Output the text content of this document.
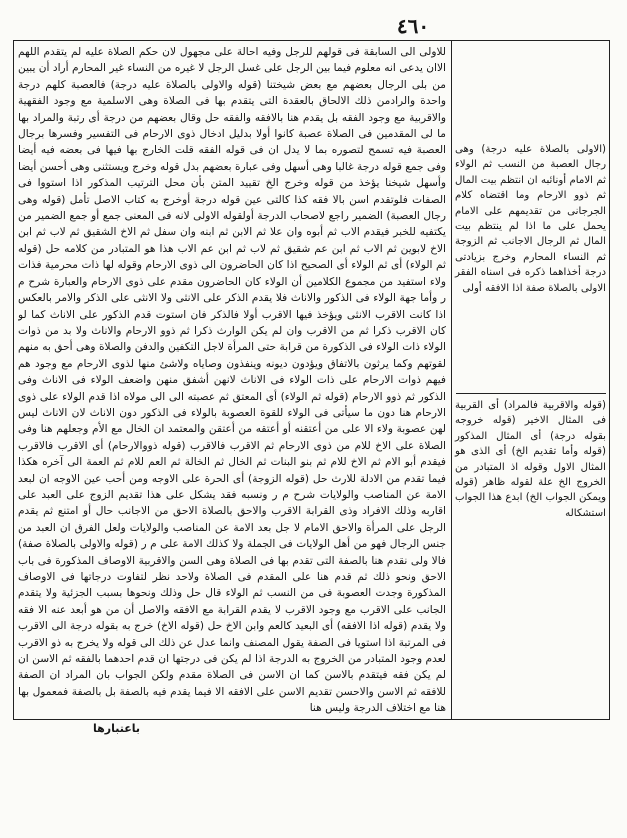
٤٦٠

للاولى الى السابقة فى قولهم للرجل وفيه احالة على مجهول لان حكم الصلاة عليه لم يتقدم اللهم الاان يدعى انه معلوم فيما بين الرجل على غسل الرجل لا غيره من النساء غير المحارم أراد أن يبين من بلى الرجال بعضهم مع بعض شيختنا (قوله والاولى بالصلاة عليه درجة) فالعصبة كلهم درجة واحدة والرادمن ذلك الالحاق بالعقدة التى يتقدم بها فى الصلاة وهى الاسلمية مع وجود الفقهية والاقربية مع وجود الفقه بل يقدم هنا بالافقه والفقه حل وقال بعضهم من درجة أى رتبة والمراد بها ما لى المقدمين فى الصلاة عصبة كانوا أولا بدليل ادخال ذوى الارحام فى التفسير وفسرها برجال العصبة فيه تسمح لتصوره بما لا يدل ان فى قوله الفقه قلت الخارج بها فيها فى بعضه فيه أيضا وفى جمع قوله درجة غالبا وهى أسهل وفى عبارة بعضهم بدل قوله وخرج ويستثنى وهى أحسن أيضا وأسهل شيخنا يؤخذ من قوله وخرج الخ تقييد المتن بأن محل الترتيب المذكور اذا استووا فى الصفات فلوتقدم اسن بالا فقه كذا كالتى عين قوله درجة أوخرج به كتاب الاصل تأمل (قوله وهى رجال العصبة) الضمير راجع لاصحاب الدرجة أولقوله الاولى لانه فى المعنى جمع أو جمع الضمير من يكتفيه للخبر فيقدم الاب ثم أبوه وان علا ثم الابن ثم ابنه وان سفل ثم الاخ الشقيق ثم لاب ثم ابن الاخ لابوين ثم الاب ثم ابن عم شقيق ثم لاب ثم ابن عم الاب هذا هو المتبادر من كلامه حل (قوله ثم الولاء) أى ثم الولاء أى الصحيح اذا كان الحاضرون الى ذوى الارحام وقوله لها ذات محرمية فذات ولاء استفيد من مجموع الكلامين أن الولاء كان الحاضرون مقدم على ذوى الارحام والعبارة شرح م ر وأما جهة الولاء فى الذكور والاناث فلا يقدم الذكر على الانثى ولا الانثى على الذكر والامر بالعكس اذا كانت الاقرب الانثى ويؤخذ فيها الاقرب أولا فالذكر فان استوت قدم الذكور على الاناث كما لو كان الاقرب ذكرا ثم من الاقرب وان لم يكن الوارث ذكرا ثم ذوو الارحام والاناث ولا بد من ذوات الولاء ذات الولاء فى الذكورة من قرابة حتى المرأة لاجل التكفين والدفن والصلاة وهى أحق به منهم لقوتهم وكما يرثون بالاتفاق ويؤدون ديونه وينفذون وصاياه ولاشئ منها لذوى الارحام مع وجود هم فيهم ذوات الارحام على ذات الولاء فى الاناث لانهن أشفق منهن واضعف الولاء فى الاناث وفى الذكور ثم ذوو الارحام (قوله ثم الولاء) أى المعتق ثم عصبته الى الى مولاه اذا قدم الولاء على ذوى الارحام هنا دون ما سيأتى فى الولاء للقوة العصوبة بالولاء فى الذكور دون الاناث لان الاناث ليس لهن عصوبة ولاء الا على من أعتقنه أو أعتقه من أعتقن والمعتمد ان الخال مع الأم وجعلهم هنا وفى الصلاة على الاخ للام من ذوى الارحام ثم الاقرب فالاقرب (قوله ذووالارحام) أى الاقرب فالاقرب فيقدم أبو الام ثم الاخ للام ثم بنو البنات ثم الخال ثم الخالة ثم العم للام ثم العمة الى آخره هكذا فيما تقدم من الادلة للارث حل (قوله الزوجة) أى الحرة على الاوجه ومن أحب عين الاوجه ان لبعد الامة عن المناصب والولايات شرح م ر ونسبه فقد يشكل على هذا تقديم الزوج على العبد على اقاربه وذلك الافراد وذى القرابة الاقرب والاحق بالصلاة الاحق من الاجانب حال أو امتنع ثم يقدم الرجل على المرأة والاحق الامام لا جل بعد الامة عن المناصب والولايات ولعل الفرق ان العبد من جنس الرجال فهو من أهل الولايات فى الجملة ولا كذلك الامة على م ر (قوله والاولى بالصلاة صفة) فالا ولى نقدم هنا بالصفة التى تقدم بها فى الصلاة وهى السن والاقربية الاوصاف المذكورة فى باب الاحق ونحو ذلك ثم قدم هنا على المقدم فى الصلاة ولاحد نظر لتفاوت درجاتها فى الاوصاف المذكورة وجدت العصوبة فى من النسب ثم الولاء قال حل وذلك ونحوها بسبب الجزئية ولا يتقدم الجانب على الاقرب مع وجود الاقرب لا يقدم القرابة مع الافقه والاصل أن من هو أبعد عنه الا فقه ولا يقدم (قوله اذا الافقه) أى البعيد كالعم وابن الاخ حل (قوله الاخ) خرج به بقوله درجة الى الاقرب فى المرتبة اذا استويا فى الصفة يقول المصنف وانما عدل عن ذلك الى قوله ولا يخرج به ذو الاقرب لعدم وجود المتبادر من الخروج به الدرجة اذا لم يكن فى درجتها ان قدم احدهما بالفقه ثم الاسن ان لم يكن فقه فيتقدم بالاسن كما ان الاسن فى الصلاة مقدم ولكن الجواب بان المراد ان الصفة للافقه ثم الاسن والاحسن تقديم الاسن على الافقه الا فيما يقدم فيه بالصفة بل بالصفة فمعمول بها هنا مع اختلاف الدرجة وليس هنا

(الاولى بالصلاة عليه درجة) وهى رجال العصبة من النسب ثم الولاء ثم الامام أونائبه ان انتظم بيت المال ثم ذوو الارحام وما اقتضاه كلام الجرجانى من تقديمهم على الامام يحمل على ما اذا لم ينتظم بيت المال ثم الرجال الاجانب ثم الزوجة ثم النساء المحارم وخرج بزيادتى درجة أخذاهما ذكره فى اسناه الفقر الاولى بالصلاة صفة اذا الافقه أولى

(قوله والاقربية فالمراد) أى القربية فى المثال الاخير (قوله خروجه بقوله درجة) أى المثال المذكور (قوله وأما تقديم الخ) أى الذى هو المثال الاول وقوله اذ المتبادر من الخروج الخ علة لقوله ظاهر (قوله ويمكن الجواب الخ) ابدع هذا الجواب استشكاله

باعتبارها
